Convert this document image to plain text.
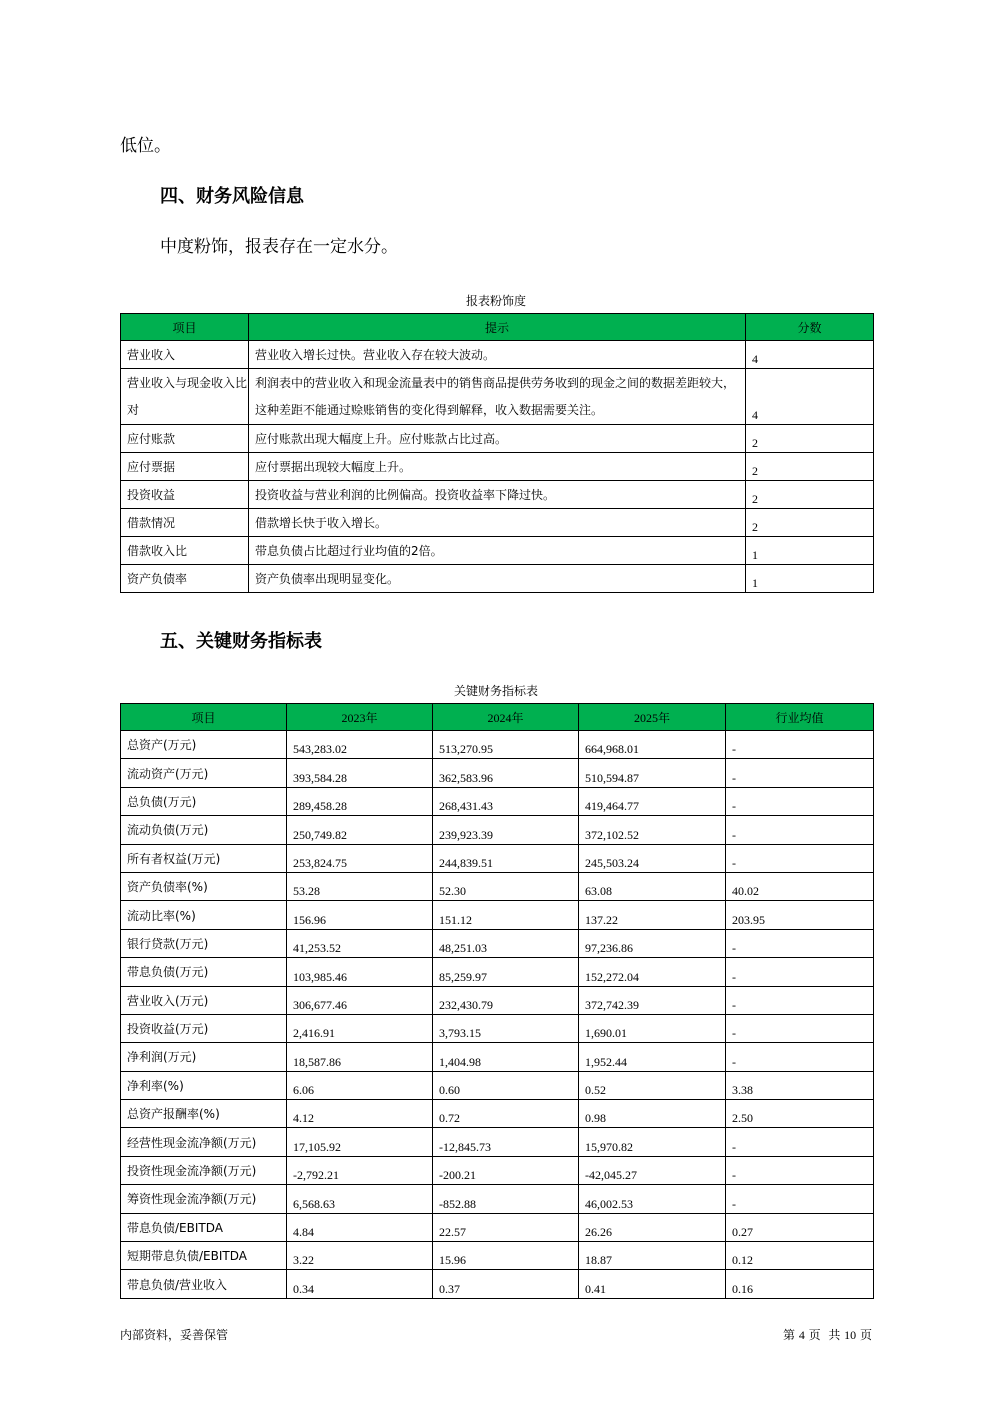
低位。
四、财务风险信息
中度粉饰，报表存在一定水分。
报表粉饰度
项目	提示	分数
营业收入	营业收入增长过快。营业收入存在较大波动。	4
营业收入与现金收入比对	利润表中的营业收入和现金流量表中的销售商品提供劳务收到的现金之间的数据差距较大，这种差距不能通过赊账销售的变化得到解释，收入数据需要关注。	4
应付账款	应付账款出现大幅度上升。应付账款占比过高。	2
应付票据	应付票据出现较大幅度上升。	2
投资收益	投资收益与营业利润的比例偏高。投资收益率下降过快。	2
借款情况	借款增长快于收入增长。	2
借款收入比	带息负债占比超过行业均值的2倍。	1
资产负债率	资产负债率出现明显变化。	1
五、关键财务指标表
关键财务指标表
项目	2023年	2024年	2025年	行业均值
总资产(万元)	543,283.02	513,270.95	664,968.01	-
流动资产(万元)	393,584.28	362,583.96	510,594.87	-
总负债(万元)	289,458.28	268,431.43	419,464.77	-
流动负债(万元)	250,749.82	239,923.39	372,102.52	-
所有者权益(万元)	253,824.75	244,839.51	245,503.24	-
资产负债率(%)	53.28	52.30	63.08	40.02
流动比率(%)	156.96	151.12	137.22	203.95
银行贷款(万元)	41,253.52	48,251.03	97,236.86	-
带息负债(万元)	103,985.46	85,259.97	152,272.04	-
营业收入(万元)	306,677.46	232,430.79	372,742.39	-
投资收益(万元)	2,416.91	3,793.15	1,690.01	-
净利润(万元)	18,587.86	1,404.98	1,952.44	-
净利率(%)	6.06	0.60	0.52	3.38
总资产报酬率(%)	4.12	0.72	0.98	2.50
经营性现金流净额(万元)	17,105.92	-12,845.73	15,970.82	-
投资性现金流净额(万元)	-2,792.21	-200.21	-42,045.27	-
筹资性现金流净额(万元)	6,568.63	-852.88	46,002.53	-
带息负债/EBITDA	4.84	22.57	26.26	0.27
短期带息负债/EBITDA	3.22	15.96	18.87	0.12
带息负债/营业收入	0.34	0.37	0.41	0.16
内部资料，妥善保管	第 4 页 共 10 页
